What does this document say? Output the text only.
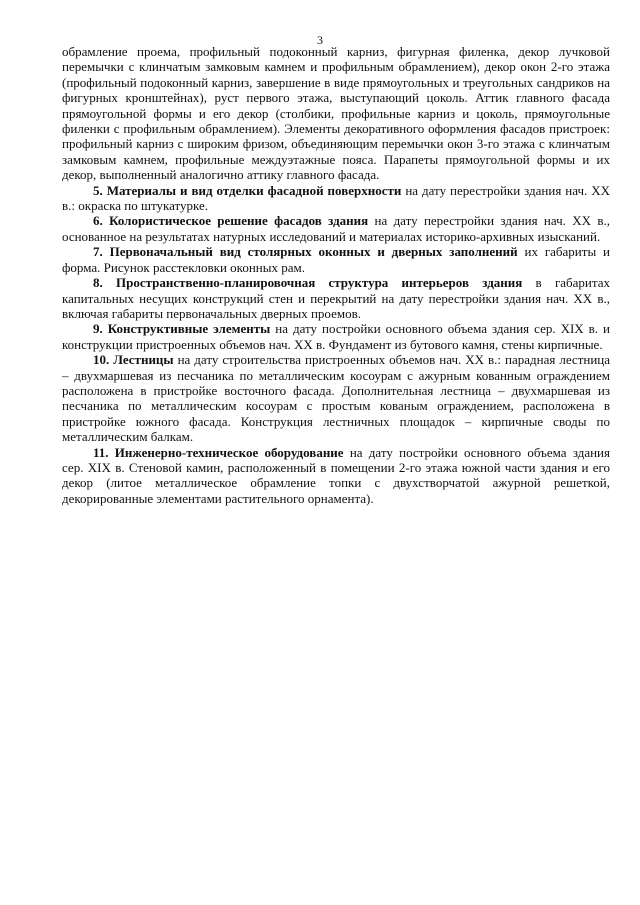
3

обрамление проема, профильный подоконный карниз, фигурная филенка, декор лучковой перемычки с клинчатым замковым камнем и профильным обрамлением), декор окон 2-го этажа (профильный подоконный карниз, завершение в виде прямоугольных и треугольных сандриков на фигурных кронштейнах), руст первого этажа, выступающий цоколь. Аттик главного фасада прямоугольной формы и его декор (столбики, профильные карниз и цоколь, прямоугольные филенки с профильным обрамлением). Элементы декоративного оформления фасадов пристроек: профильный карниз с широким фризом, объединяющим перемычки окон 3-го этажа с клинчатым замковым камнем, профильные междуэтажные пояса. Парапеты прямоугольной формы и их декор, выполненный аналогично аттику главного фасада.

5. Материалы и вид отделки фасадной поверхности на дату перестройки здания нач. XX в.: окраска по штукатурке.

6. Колористическое решение фасадов здания на дату перестройки здания нач. XX в., основанное на результатах натурных исследований и материалах историко-архивных изысканий.

7. Первоначальный вид столярных оконных и дверных заполнений их габариты и форма. Рисунок расстекловки оконных рам.

8. Пространственно-планировочная структура интерьеров здания в габаритах капитальных несущих конструкций стен и перекрытий на дату перестройки здания нач. XX в., включая габариты первоначальных дверных проемов.

9. Конструктивные элементы на дату постройки основного объема здания сер. XIX в. и конструкции пристроенных объемов нач. XX в. Фундамент из бутового камня, стены кирпичные.

10. Лестницы на дату строительства пристроенных объемов нач. XX в.: парадная лестница – двухмаршевая из песчаника по металлическим косоурам с ажурным кованным ограждением расположена в пристройке восточного фасада. Дополнительная лестница – двухмаршевая из песчаника по металлическим косоурам с простым кованым ограждением, расположена в пристройке южного фасада. Конструкция лестничных площадок – кирпичные своды по металлическим балкам.

11. Инженерно-техническое оборудование на дату постройки основного объема здания сер. XIX в. Стеновой камин, расположенный в помещении 2-го этажа южной части здания и его декор (литое металлическое обрамление топки с двухстворчатой ажурной решеткой, декорированные элементами растительного орнамента).
